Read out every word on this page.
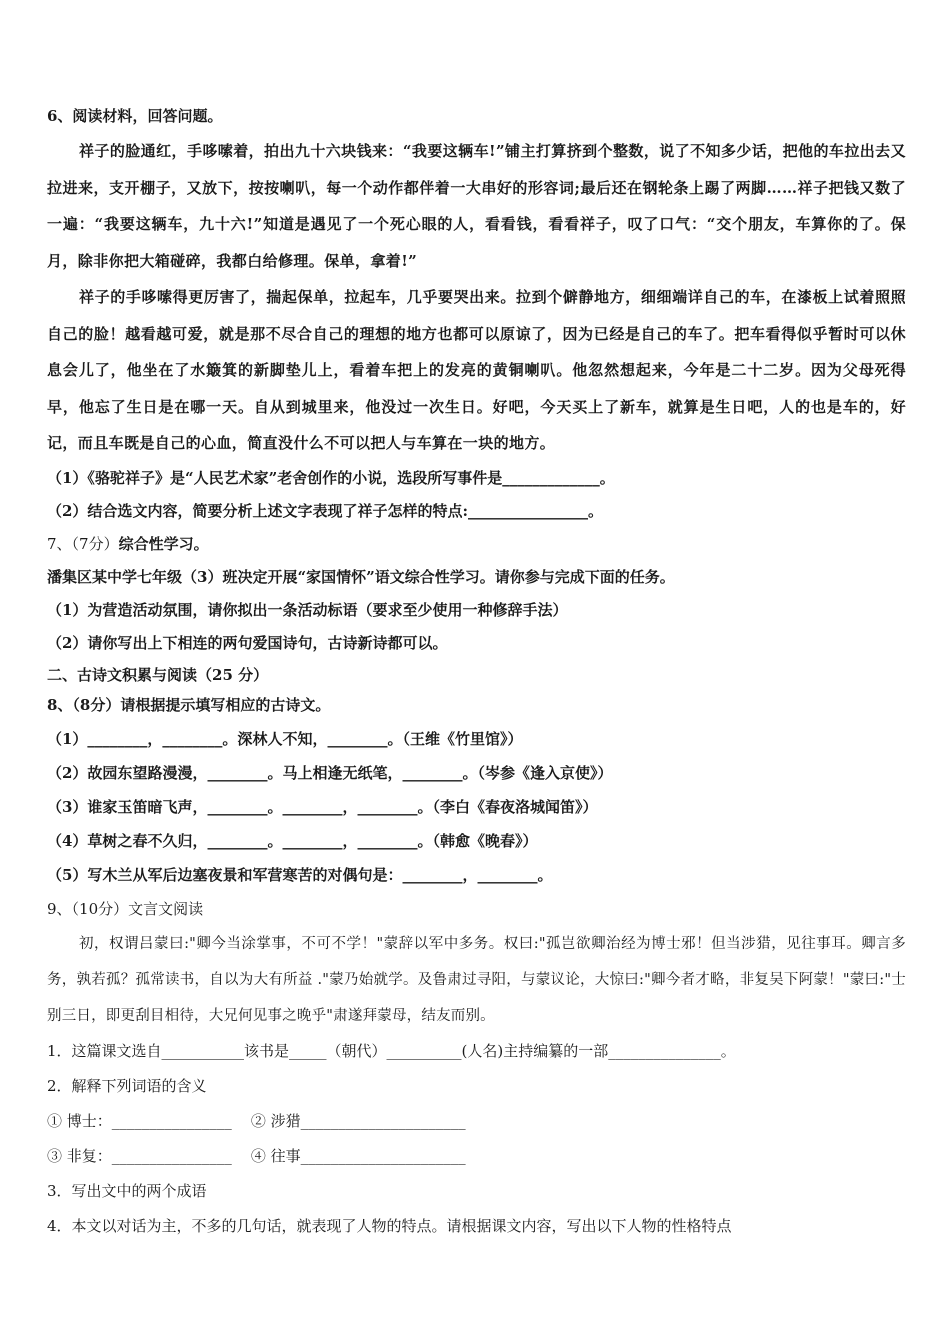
6、阅读材料，回答问题。

祥子的脸通红，手哆嗦着，拍出九十六块钱来：“我要这辆车!”铺主打算挤到个整数，说了不知多少话，把他的车拉出去又拉进来，支开棚子，又放下，按按喇叭，每一个动作都伴着一大串好的形容词;最后还在钢轮条上踢了两脚……祥子把钱又数了一遍：“我要这辆车，九十六!”知道是遇见了一个死心眼的人，看看钱，看看祥子，叹了口气：“交个朋友，车算你的了。保月，除非你把大箱碰碎，我都白给修理。保单，拿着!”

祥子的手哆嗦得更厉害了，揣起保单，拉起车，几乎要哭出来。拉到个僻静地方，细细端详自己的车，在漆板上试着照照自己的脸！越看越可爱，就是那不尽合自己的理想的地方也都可以原谅了，因为已经是自己的车了。把车看得似乎暂时可以休息会儿了，他坐在了水簸箕的新脚垫儿上，看着车把上的发亮的黄铜喇叭。他忽然想起来，今年是二十二岁。因为父母死得早，他忘了生日是在哪一天。自从到城里来，他没过一次生日。好吧，今天买上了新车，就算是生日吧，人的也是车的，好记，而且车既是自己的心血，简直没什么不可以把人与车算在一块的地方。

（1）《骆驼祥子》是“人民艺术家”老舍创作的小说，选段所写事件是_____________。

（2）结合选文内容，简要分析上述文字表现了祥子怎样的特点:________________。

7、（7分）综合性学习。

潘集区某中学七年级（3）班决定开展“家国情怀”语文综合性学习。请你参与完成下面的任务。

（1）为营造活动氛围，请你拟出一条活动标语（要求至少使用一种修辞手法）

（2）请你写出上下相连的两句爱国诗句，古诗新诗都可以。

二、古诗文积累与阅读（25 分）

8、（8分）请根据提示填写相应的古诗文。

（1）________，________。深林人不知，________。（王维《竹里馆》）

（2）故园东望路漫漫，________。马上相逢无纸笔，________。（岑参《逢入京使》）

（3）谁家玉笛暗飞声，________。________，________。（李白《春夜洛城闻笛》）

（4）草树之春不久归，________。________，________。（韩愈《晚春》）

（5）写木兰从军后边塞夜景和军营寒苦的对偶句是：________，________。

9、（10分）文言文阅读

初，权谓吕蒙曰:"卿今当涂掌事，不可不学！"蒙辞以军中多务。权曰:"孤岂欲卿治经为博士邪！但当涉猎，见往事耳。卿言多务，孰若孤？孤常读书，自以为大有所益 ."蒙乃始就学。及鲁肃过寻阳，与蒙议论，大惊曰:"卿今者才略，非复吴下阿蒙！"蒙曰:"士别三日，即更刮目相待，大兄何见事之晚乎"肃遂拜蒙母，结友而别。

1．这篇课文选自___________该书是_____（朝代）__________(人名)主持编纂的一部_______________。

2．解释下列词语的含义

① 博士：________________ ② 涉猎______________________

③ 非复：________________ ④ 往事______________________

3．写出文中的两个成语

4．本文以对话为主，不多的几句话，就表现了人物的特点。请根据课文内容，写出以下人物的性格特点
